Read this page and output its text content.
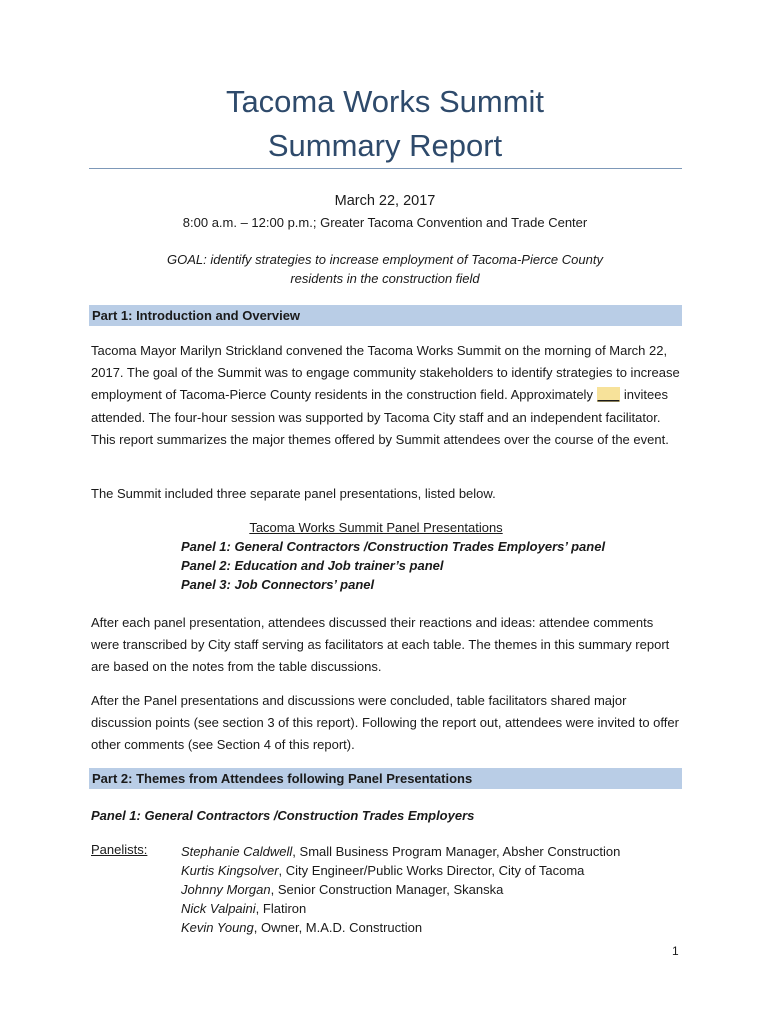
Tacoma Works Summit
Summary Report

March 22, 2017

8:00 a.m. – 12:00 p.m.; Greater Tacoma Convention and Trade Center

GOAL: identify strategies to increase employment of Tacoma-Pierce County
residents in the construction field

Part 1: Introduction and Overview

Tacoma Mayor Marilyn Strickland convened the Tacoma Works Summit on the morning of March 22, 2017. The goal of the Summit was to engage community stakeholders to identify strategies to increase employment of Tacoma-Pierce County residents in the construction field. Approximately ___ invitees attended. The four-hour session was supported by Tacoma City staff and an independent facilitator. This report summarizes the major themes offered by Summit attendees over the course of the event.

The Summit included three separate panel presentations, listed below.

Tacoma Works Summit Panel Presentations
Panel 1: General Contractors /Construction Trades Employers’ panel
Panel 2: Education and Job trainer’s panel
Panel 3: Job Connectors’ panel

After each panel presentation, attendees discussed their reactions and ideas: attendee comments were transcribed by City staff serving as facilitators at each table. The themes in this summary report are based on the notes from the table discussions.

After the Panel presentations and discussions were concluded, table facilitators shared major discussion points (see section 3 of this report). Following the report out, attendees were invited to offer other comments (see Section 4 of this report).

Part 2: Themes from Attendees following Panel Presentations
Panel 1: General Contractors /Construction Trades Employers
Panelists:	Stephanie Caldwell, Small Business Program Manager, Absher Construction
Kurtis Kingsolver, City Engineer/Public Works Director, City of Tacoma
Johnny Morgan, Senior Construction Manager, Skanska
Nick Valpaini, Flatiron
Kevin Young, Owner, M.A.D. Construction
1
